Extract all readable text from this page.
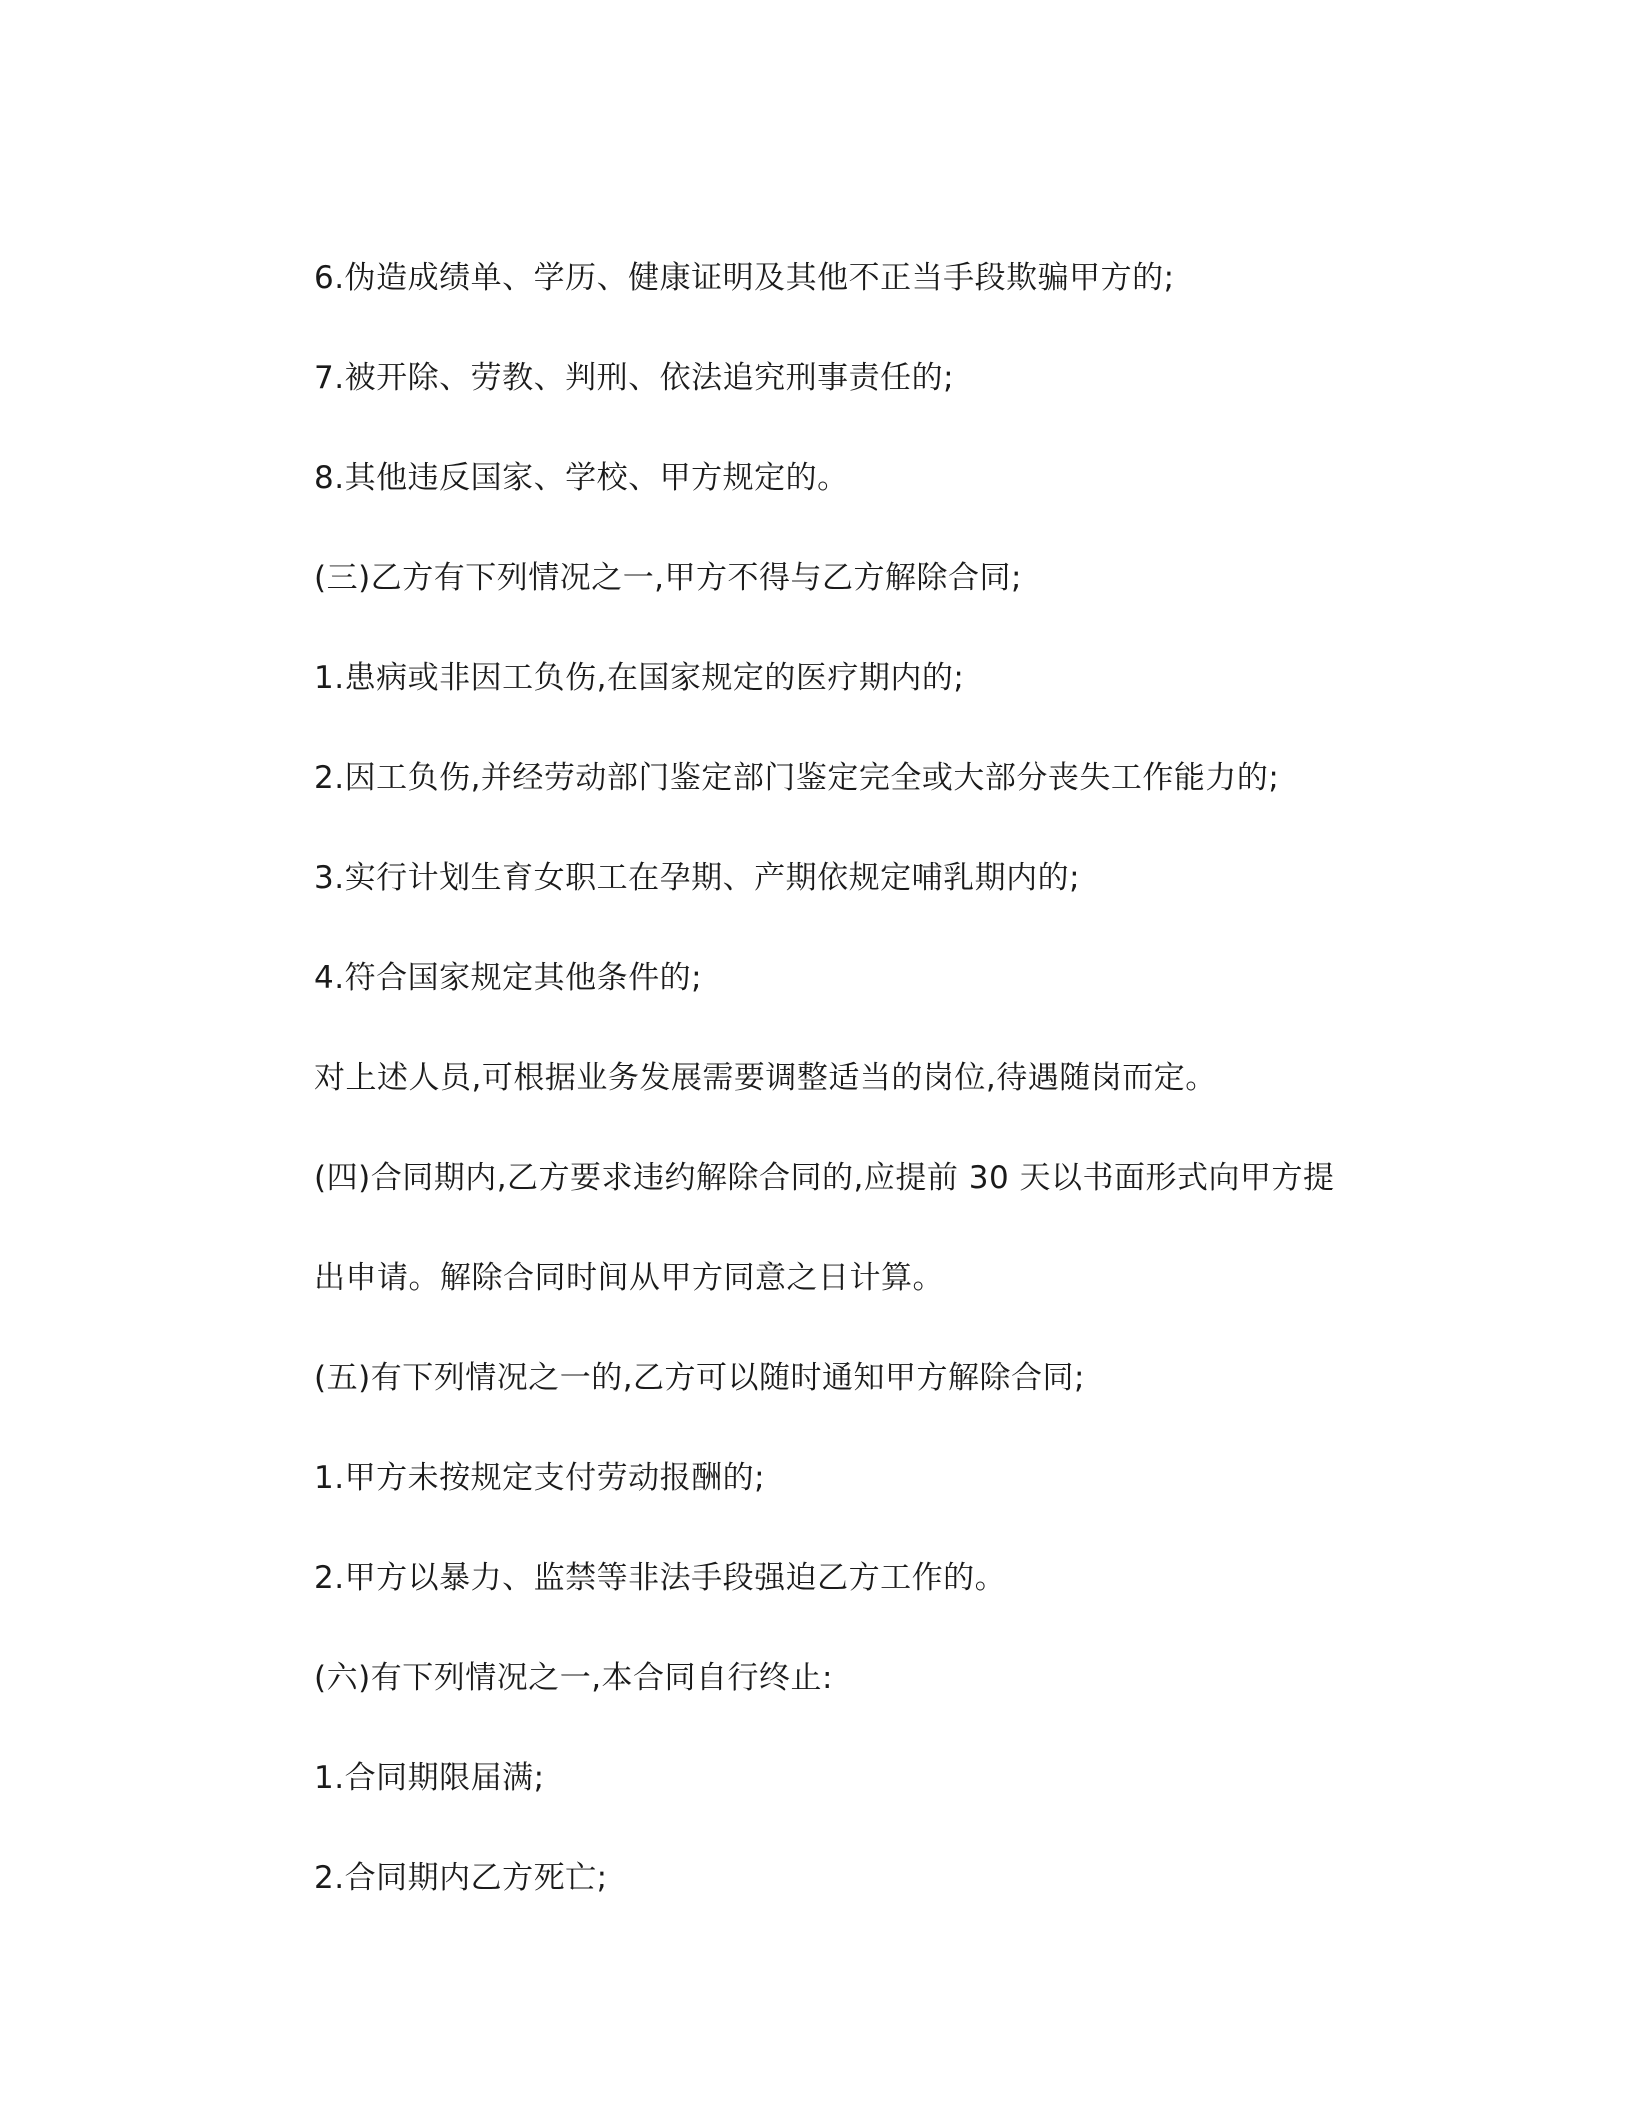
6.伪造成绩单、学历、健康证明及其他不正当手段欺骗甲方的;
7.被开除、劳教、判刑、依法追究刑事责任的;
8.其他违反国家、学校、甲方规定的。
(三)乙方有下列情况之一,甲方不得与乙方解除合同;
1.患病或非因工负伤,在国家规定的医疗期内的;
2.因工负伤,并经劳动部门鉴定部门鉴定完全或大部分丧失工作能力的;
3.实行计划生育女职工在孕期、产期依规定哺乳期内的;
4.符合国家规定其他条件的;
对上述人员,可根据业务发展需要调整适当的岗位,待遇随岗而定。
(四)合同期内,乙方要求违约解除合同的,应提前 30 天以书面形式向甲方提
出申请。解除合同时间从甲方同意之日计算。
(五)有下列情况之一的,乙方可以随时通知甲方解除合同;
1.甲方未按规定支付劳动报酬的;
2.甲方以暴力、监禁等非法手段强迫乙方工作的。
(六)有下列情况之一,本合同自行终止:
1.合同期限届满;
2.合同期内乙方死亡;
